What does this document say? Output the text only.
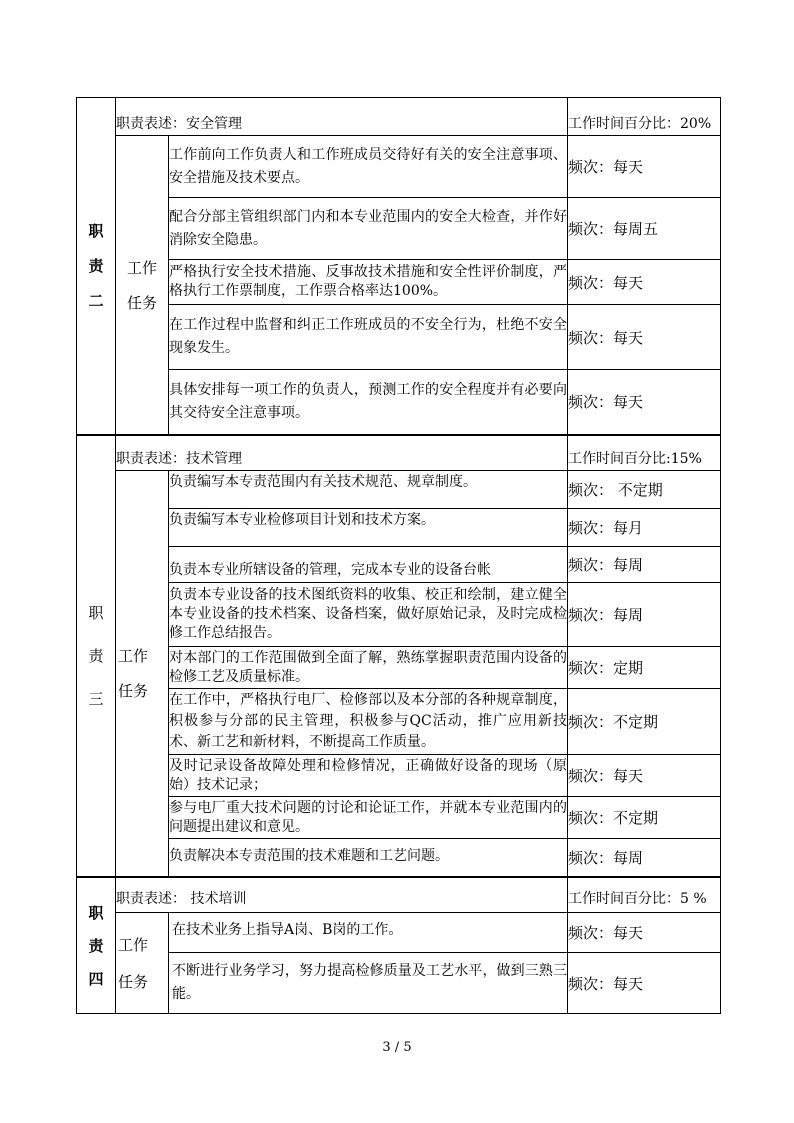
职
责
二	职责表述：安全管理		工作时间百分比：20%

	工作
任务	工作前向工作负责人和工作班成员交待好有关的安全注意事项、安全措施及技术要点。	频次：每天
		配合分部主管组织部门内和本专业范围内的安全大检查，并作好消除安全隐患。	频次：每周五
		严格执行安全技术措施、反事故技术措施和安全性评价制度，严格执行工作票制度，工作票合格率达100%。	频次：每天
		在工作过程中监督和纠正工作班成员的不安全行为，杜绝不安全现象发生。	频次：每天
		具体安排每一项工作的负责人，预测工作的安全程度并有必要向其交待安全注意事项。	频次：每天

职
责
三	职责表述：技术管理		工作时间百分比:15%

	工作
任务	负责编写本专责范围内有关技术规范、规章制度。	频次： 不定期
		负责编写本专业检修项目计划和技术方案。	频次：每月
		负责本专业所辖设备的管理，完成本专业的设备台帐	频次：每周
		负责本专业设备的技术图纸资料的收集、校正和绘制，建立健全本专业设备的技术档案、设备档案，做好原始记录，及时完成检修工作总结报告。	频次：每周
		对本部门的工作范围做到全面了解，熟练掌握职责范围内设备的检修工艺及质量标准。	频次：定期
		在工作中，严格执行电厂、检修部以及本分部的各种规章制度，积极参与分部的民主管理，积极参与QC活动，推广应用新技术、新工艺和新材料，不断提高工作质量。	频次：不定期
		及时记录设备故障处理和检修情况，正确做好设备的现场（原始）技术记录；	频次：每天
		参与电厂重大技术问题的讨论和论证工作，并就本专业范围内的问题提出建议和意见。	频次：不定期
		负责解决本专责范围的技术难题和工艺问题。	频次：每周

职
责
四	职责表述： 技术培训		工作时间百分比：5 %

	工作
任务	在技术业务上指导A岗、B岗的工作。	频次：每天
		不断进行业务学习，努力提高检修质量及工艺水平，做到三熟三能。	频次：每天
3 / 5
